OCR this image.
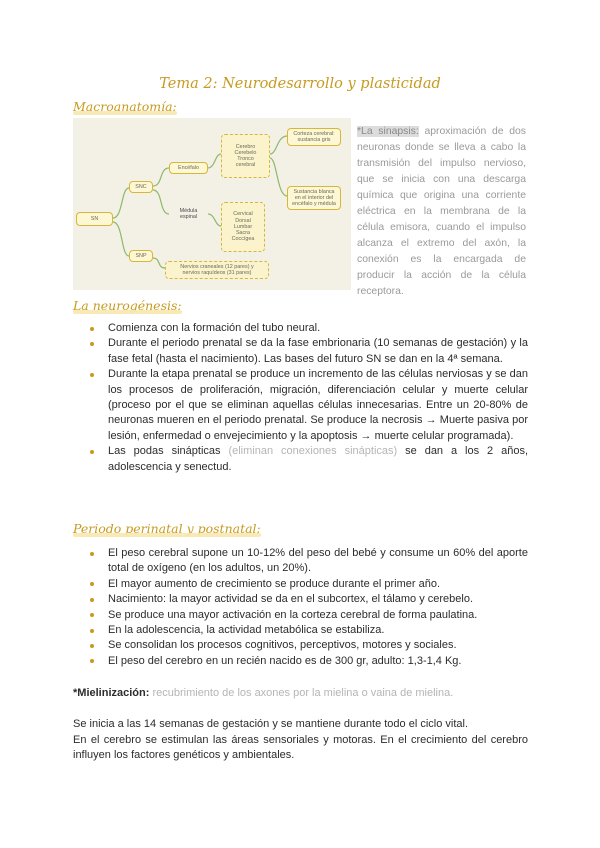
Tema 2: Neurodesarrollo y plasticidad
Macroanatomía:
SN
SNC
SNP
Encéfalo
Médula espinal
Cerebro
Cerebelo
Tronco
cerebral
Cervical
Dorsal
Lumbar
Sacra
Coccígea
Corteza cerebral:
sustancia gris
Sustancia blanca
en el interior del
encéfalo y médula
Nervios craneales (12 pares) y
nervios raquídeos (31 pares)
*La sinapsis: aproximación de dos neuronas donde se lleva a cabo la transmisión del impulso nervioso, que se inicia con una descarga química que origina una corriente eléctrica en la membrana de la célula emisora, cuando el impulso alcanza el extremo del axón, la conexión es la encargada de producir la acción de la célula receptora.
La neurogénesis:
Comienza con la formación del tubo neural.
Durante el periodo prenatal se da la fase embrionaria (10 semanas de gestación) y la fase fetal (hasta el nacimiento). Las bases del futuro SN se dan en la 4ª semana.
Durante la etapa prenatal se produce un incremento de las células nerviosas y se dan los procesos de proliferación, migración, diferenciación celular y muerte celular (proceso por el que se eliminan aquellas células innecesarias. Entre un 20-80% de neuronas mueren en el periodo prenatal. Se produce la necrosis → Muerte pasiva por lesión, enfermedad o envejecimiento y la apoptosis → muerte celular programada).
Las podas sinápticas (eliminan conexiones sinápticas) se dan a los 2 años, adolescencia y senectud.
Periodo perinatal y postnatal:
El peso cerebral supone un 10-12% del peso del bebé y consume un 60% del aporte total de oxígeno (en los adultos, un 20%).
El mayor aumento de crecimiento se produce durante el primer año.
Nacimiento: la mayor actividad se da en el subcortex, el tálamo y cerebelo.
Se produce una mayor activación en la corteza cerebral de forma paulatina.
En la adolescencia, la actividad metabólica se estabiliza.
Se consolidan los procesos cognitivos, perceptivos, motores y sociales.
El peso del cerebro en un recién nacido es de 300 gr, adulto: 1,3-1,4 Kg.
*Mielinización: recubrimiento de los axones por la mielina o vaina de mielina.
Se inicia a las 14 semanas de gestación y se mantiene durante todo el ciclo vital.
En el cerebro se estimulan las áreas sensoriales y motoras. En el crecimiento del cerebro influyen los factores genéticos y ambientales.
